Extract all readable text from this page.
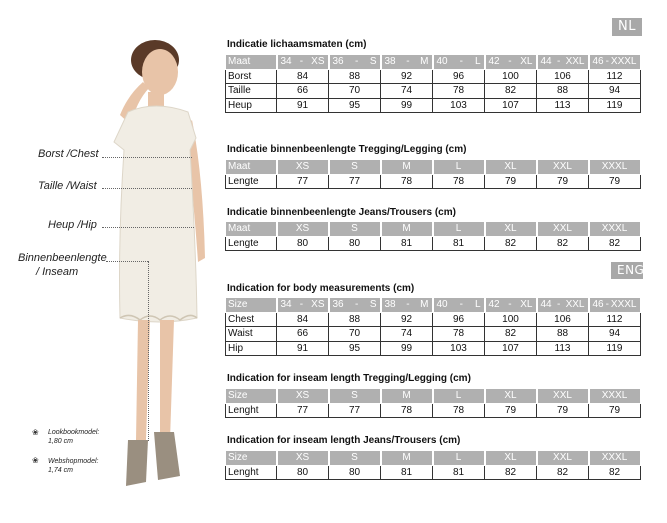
NL
ENG
Borst /Chest
Taille /Waist
Heup /Hip
Binnenbeenlengte
/ Inseam
❀ Lookbookmodel:
1,80 cm
❀ Webshopmodel:
1,74 cm
Indicatie lichaamsmaten (cm)
Indicatie binnenbeenlengte Tregging/Legging (cm)
Indicatie binnenbeenlengte Jeans/Trousers (cm)
Indication for body measurements (cm)
Indication for inseam length Tregging/Legging (cm)
Indication for inseam length Jeans/Trousers (cm)
Maat	34 - XS	36 - S	38 - M	40 - L	42 - XL	44 - XXL	46 - XXXL

Borst	84	88	92	96	100	106	112
Taille	66	70	74	78	82	88	94
Heup	91	95	99	103	107	113	119
Maat	XS	S	M	L	XL	XXL	XXXL
Lengte	77	77	78	78	79	79	79
Maat	XS	S	M	L	XL	XXL	XXXL
Lengte	80	80	81	81	82	82	82
Size	34 - XS	36 - S	38 - M	40 - L	42 - XL	44 - XXL	46 - XXXL

Chest	84	88	92	96	100	106	112
Waist	66	70	74	78	82	88	94
Hip	91	95	99	103	107	113	119
Size	XS	S	M	L	XL	XXL	XXXL
Lenght	77	77	78	78	79	79	79
Size	XS	S	M	L	XL	XXL	XXXL
Lenght	80	80	81	81	82	82	82
